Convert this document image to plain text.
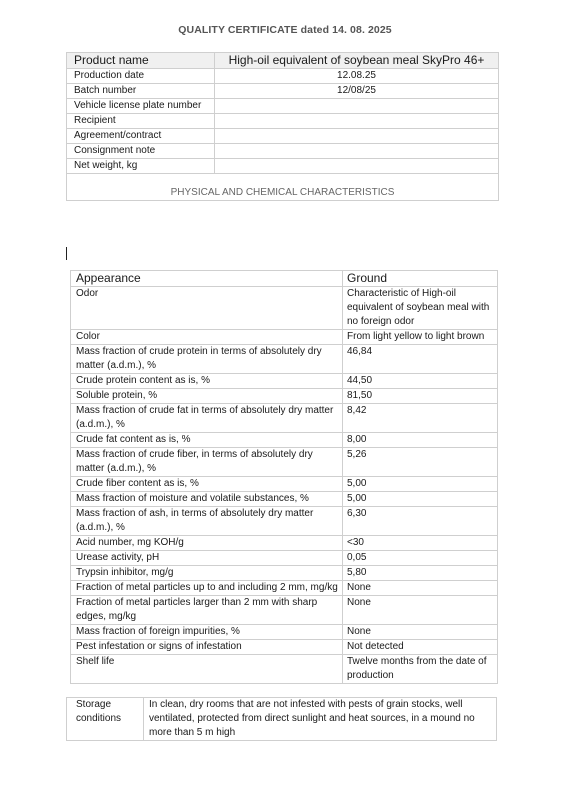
QUALITY CERTIFICATE dated 14. 08. 2025
Product name	High-oil equivalent of soybean meal SkyPro 46+
Production date	12.08.25
Batch number	12/08/25
Vehicle license plate number	
Recipient	
Agreement/contract	
Consignment note	
Net weight, kg	
PHYSICAL AND CHEMICAL CHARACTERISTICS	
Appearance	Ground
Odor	Characteristic of High-oil equivalent of soybean meal with no foreign odor
Color	From light yellow to light brown
Mass fraction of crude protein in terms of absolutely dry matter (a.d.m.), %	46,84
Crude protein content as is, %	44,50
Soluble protein, %	81,50
Mass fraction of crude fat in terms of absolutely dry matter (a.d.m.), %	8,42
Crude fat content as is, %	8,00
Mass fraction of crude fiber, in terms of absolutely dry matter (a.d.m.), %	5,26
Crude fiber content as is, %	5,00
Mass fraction of moisture and volatile substances, %	5,00
Mass fraction of ash, in terms of absolutely dry matter (a.d.m.), %	6,30
Acid number, mg KOH/g	<30
Urease activity, pH	0,05
Trypsin inhibitor, mg/g	5,80
Fraction of metal particles up to and including 2 mm, mg/kg	None
Fraction of metal particles larger than 2 mm with sharp edges, mg/kg	None
Mass fraction of foreign impurities, %	None
Pest infestation or signs of infestation	Not detected
Shelf life	Twelve months from the date of production
Storage conditions	In clean, dry rooms that are not infested with pests of grain stocks, well ventilated, protected from direct sunlight and heat sources, in a mound no more than 5 m high
